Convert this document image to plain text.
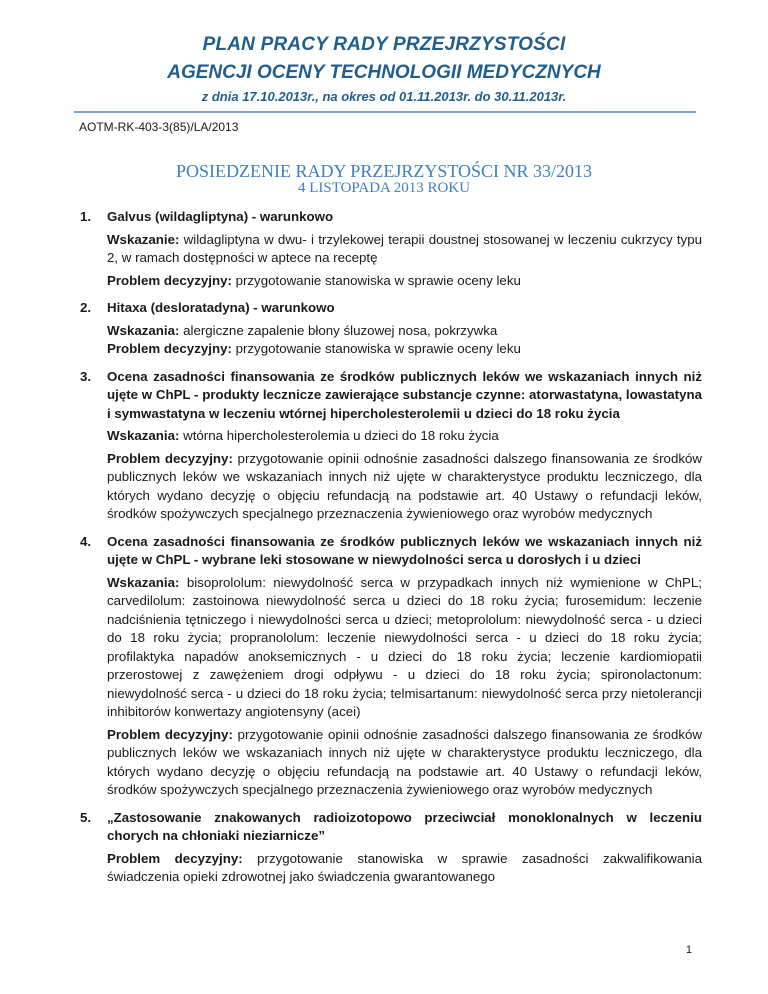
PLAN PRACY RADY PRZEJRZYSTOŚCI
AGENCJI OCENY TECHNOLOGII MEDYCZNYCH
z dnia 17.10.2013r., na okres od 01.11.2013r. do 30.11.2013r.
AOTM-RK-403-3(85)/LA/2013
POSIEDZENIE RADY PRZEJRZYSTOŚCI NR 33/2013
4 LISTOPADA 2013 ROKU
1. Galvus (wildagliptyna) - warunkowo
Wskazanie: wildagliptyna w dwu- i trzylekowej terapii doustnej stosowanej w leczeniu cukrzycy typu 2, w ramach dostępności w aptece na receptę
Problem decyzyjny: przygotowanie stanowiska w sprawie oceny leku
2. Hitaxa (desloratadyna) - warunkowo
Wskazania: alergiczne zapalenie błony śluzowej nosa, pokrzywka
Problem decyzyjny: przygotowanie stanowiska w sprawie oceny leku
3. Ocena zasadności finansowania ze środków publicznych leków we wskazaniach innych niż ujęte w ChPL - produkty lecznicze zawierające substancje czynne: atorwastatyna, lowastatyna i symwastatyna w leczeniu wtórnej hipercholesterolemii u dzieci do 18 roku życia
Wskazania: wtórna hipercholesterolemia u dzieci do 18 roku życia
Problem decyzyjny: przygotowanie opinii odnośnie zasadności dalszego finansowania ze środków publicznych leków we wskazaniach innych niż ujęte w charakterystyce produktu leczniczego, dla których wydano decyzję o objęciu refundacją na podstawie art. 40 Ustawy o refundacji leków, środków spożywczych specjalnego przeznaczenia żywieniowego oraz wyrobów medycznych
4. Ocena zasadności finansowania ze środków publicznych leków we wskazaniach innych niż ujęte w ChPL - wybrane leki stosowane w niewydolności serca u dorosłych i u dzieci
Wskazania: bisoprololum: niewydolność serca w przypadkach innych niż wymienione w ChPL; carvedilolum: zastoinowa niewydolność serca u dzieci do 18 roku życia; furosemidum: leczenie nadciśnienia tętniczego i niewydolności serca u dzieci; metoprololum: niewydolność serca - u dzieci do 18 roku życia; propranololum: leczenie niewydolności serca - u dzieci do 18 roku życia; profilaktyka napadów anoksemicznych - u dzieci do 18 roku życia; leczenie kardiomiopatii przerostowej z zawężeniem drogi odpływu - u dzieci do 18 roku życia; spironolactonum: niewydolność serca - u dzieci do 18 roku życia; telmisartanum: niewydolność serca przy nietolerancji inhibitorów konwertazy angiotensyny (acei)
Problem decyzyjny: przygotowanie opinii odnośnie zasadności dalszego finansowania ze środków publicznych leków we wskazaniach innych niż ujęte w charakterystyce produktu leczniczego, dla których wydano decyzję o objęciu refundacją na podstawie art. 40 Ustawy o refundacji leków, środków spożywczych specjalnego przeznaczenia żywieniowego oraz wyrobów medycznych
5. „Zastosowanie znakowanych radioizotopowo przeciwciał monoklonalnych w leczeniu chorych na chłoniaki nieziarnicze”
Problem decyzyjny: przygotowanie stanowiska w sprawie zasadności zakwalifikowania świadczenia opieki zdrowotnej jako świadczenia gwarantowanego
1
